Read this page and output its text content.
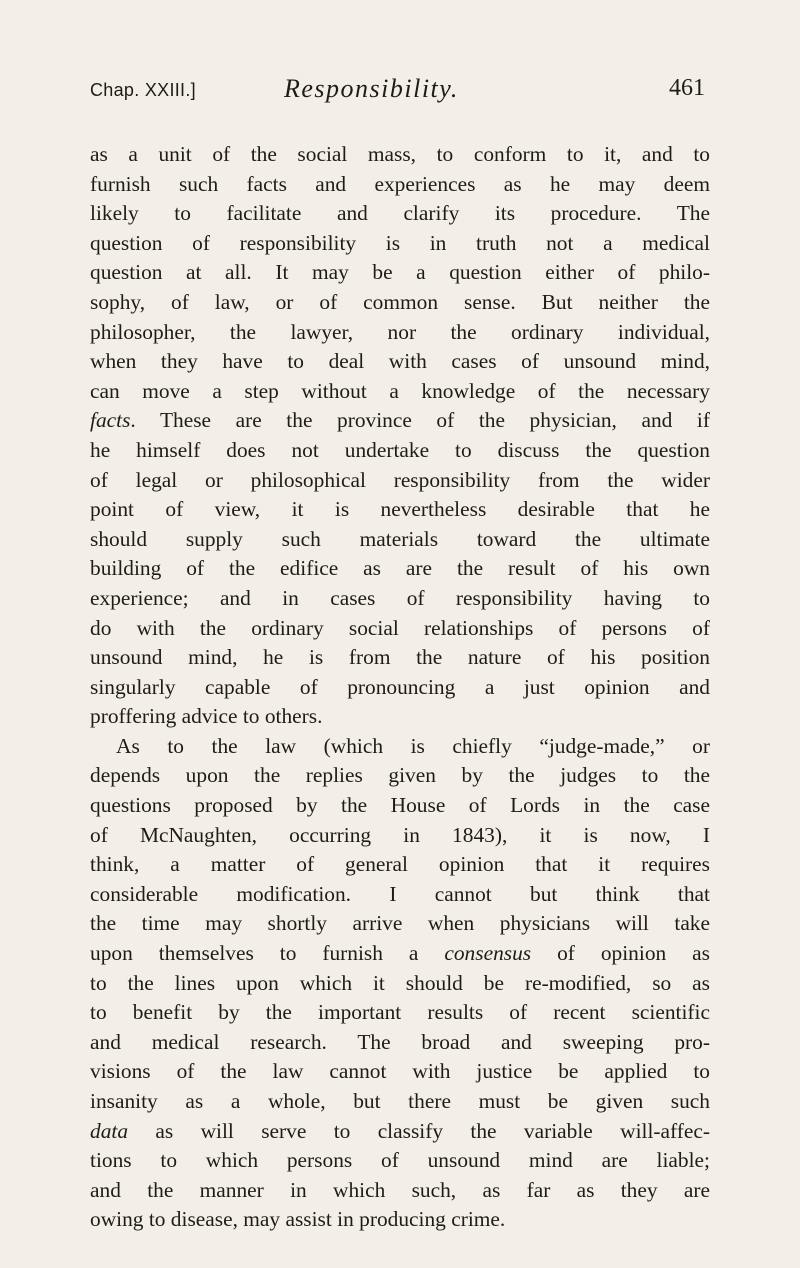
Chap. XXIII.]	Responsibility.	461
as a unit of the social mass, to conform to it, and to
furnish such facts and experiences as he may deem
likely to facilitate and clarify its procedure. The
question of responsibility is in truth not a medical
question at all. It may be a question either of philo-
sophy, of law, or of common sense. But neither the
philosopher, the lawyer, nor the ordinary individual,
when they have to deal with cases of unsound mind,
can move a step without a knowledge of the necessary
facts. These are the province of the physician, and if
he himself does not undertake to discuss the question
of legal or philosophical responsibility from the wider
point of view, it is nevertheless desirable that he
should supply such materials toward the ultimate
building of the edifice as are the result of his own
experience; and in cases of responsibility having to
do with the ordinary social relationships of persons of
unsound mind, he is from the nature of his position
singularly capable of pronouncing a just opinion and
proffering advice to others.
As to the law (which is chiefly “judge-made,” or
depends upon the replies given by the judges to the
questions proposed by the House of Lords in the case
of McNaughten, occurring in 1843), it is now, I
think, a matter of general opinion that it requires
considerable modification. I cannot but think that
the time may shortly arrive when physicians will take
upon themselves to furnish a consensus of opinion as
to the lines upon which it should be re-modified, so as
to benefit by the important results of recent scientific
and medical research. The broad and sweeping pro-
visions of the law cannot with justice be applied to
insanity as a whole, but there must be given such
data as will serve to classify the variable will-affec-
tions to which persons of unsound mind are liable;
and the manner in which such, as far as they are
owing to disease, may assist in producing crime.
